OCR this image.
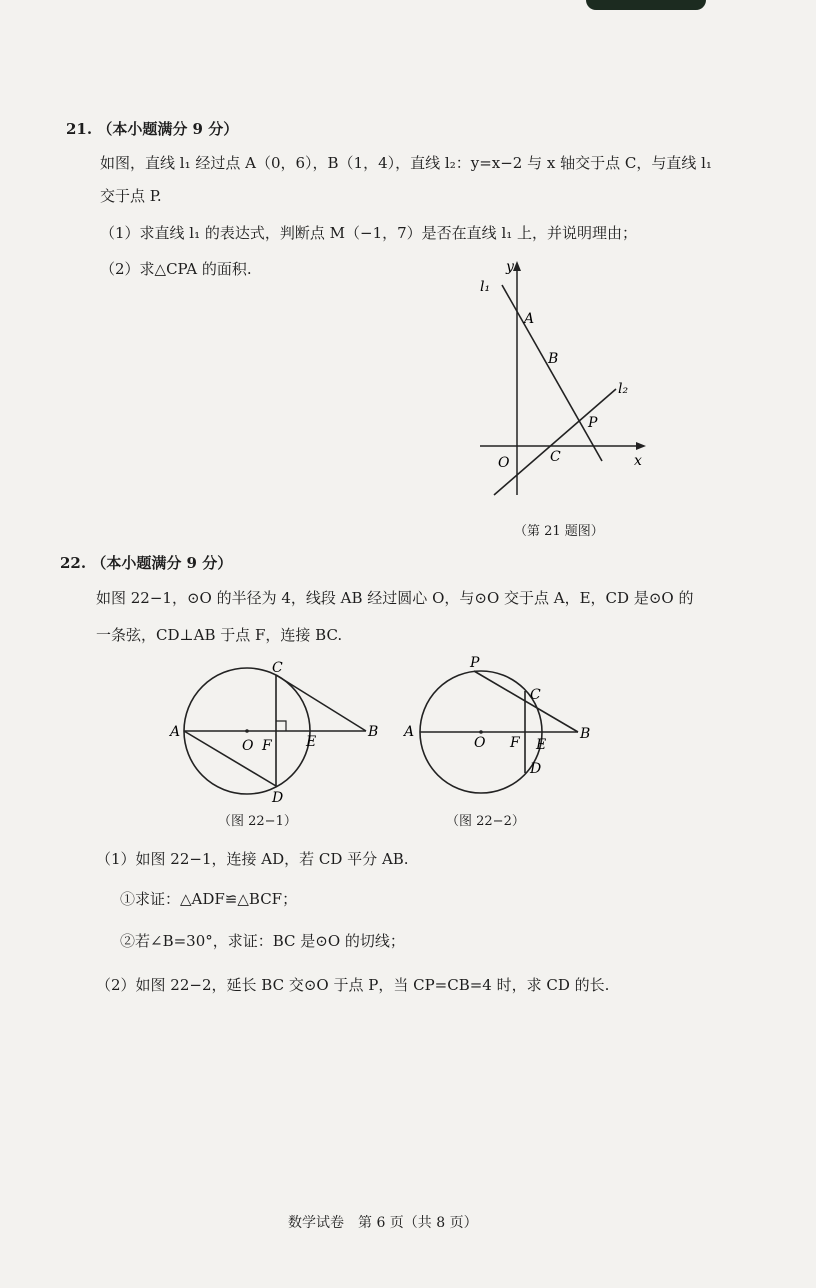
21. （本小题满分 9 分）
如图，直线 l₁ 经过点 A（0，6），B（1，4），直线 l₂：y=x−2 与 x 轴交于点 C，与直线 l₁
交于点 P.
（1）求直线 l₁ 的表达式，判断点 M（−1，7）是否在直线 l₁ 上，并说明理由；
（2）求△CPA 的面积.	y
x
l₁
l₂
A
B
P
O	C
（第 21 题图）
22. （本小题满分 9 分）
如图 22−1，⊙O 的半径为 4，线段 AB 经过圆心 O，与⊙O 交于点 A，E，CD 是⊙O 的
一条弦，CD⊥AB 于点 F，连接 BC.
A	B
C
D
O F E
（图 22−1）
P
C
A	B
O F E
D
（图 22−2）
（1）如图 22−1，连接 AD，若 CD 平分 AB.
①求证：△ADF≌△BCF；
②若∠B=30°，求证：BC 是⊙O 的切线；
（2）如图 22−2，延长 BC 交⊙O 于点 P，当 CP=CB=4 时，求 CD 的长.
数学试卷　第 6 页（共 8 页）
